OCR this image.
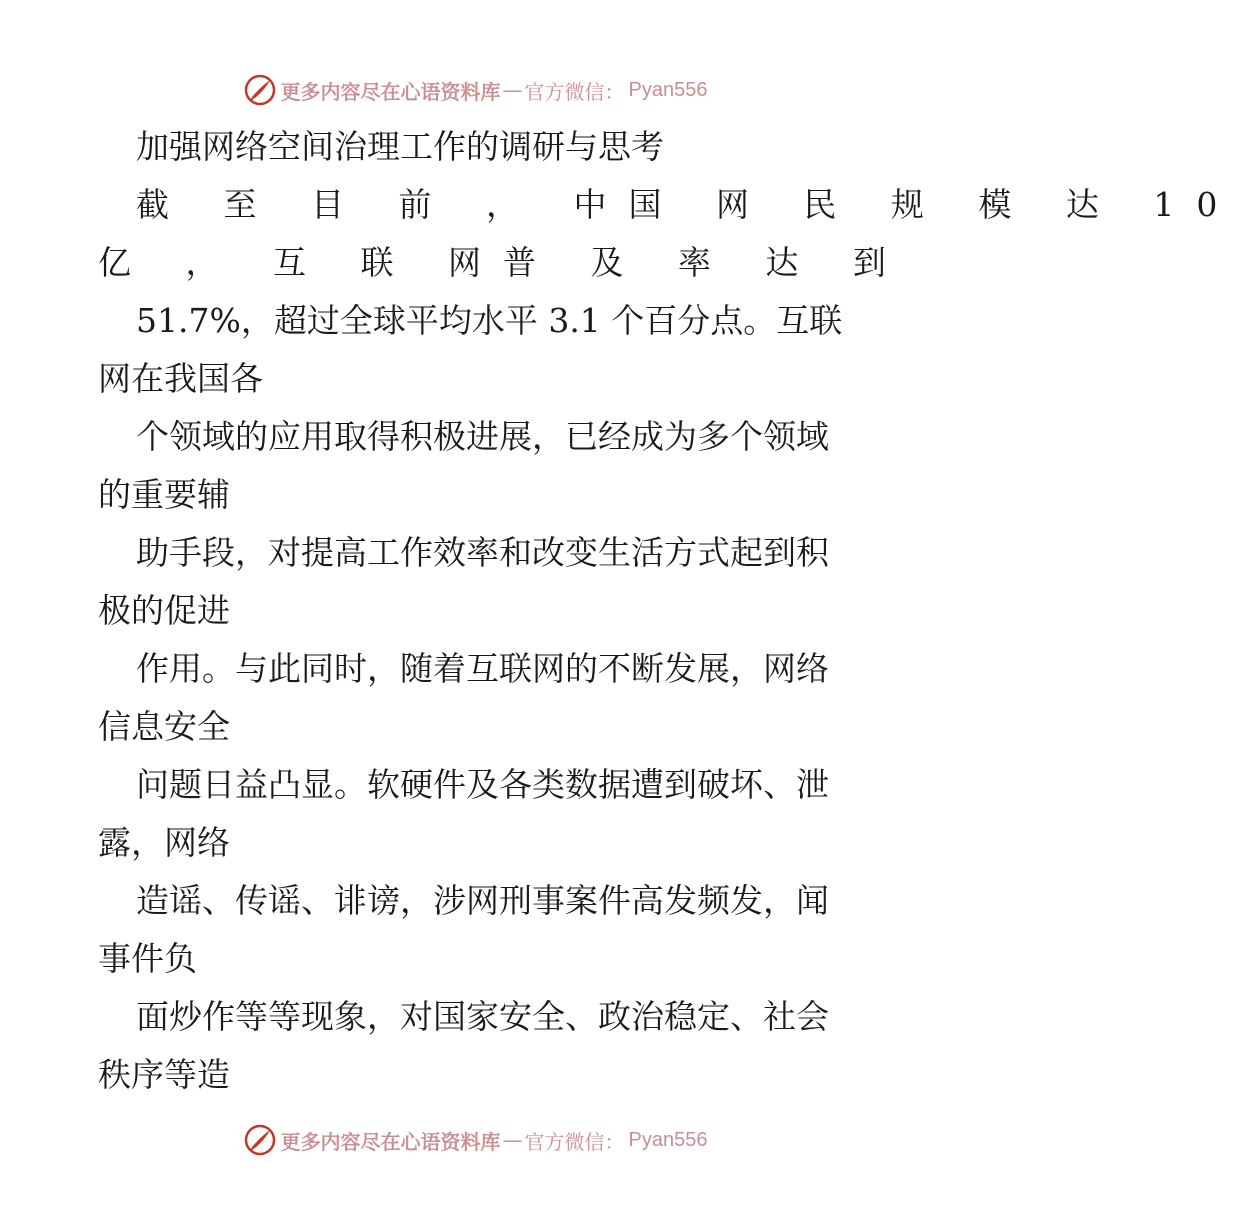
更多内容尽在心语资料库 — 官方微信： Pyan556
加强网络空间治理工作的调研与思考
截 至 目 前 ， 中国 网 民 规 模 达 10
亿 ， 互 联 网普 及 率 达 到
51.7%，超过全球平均水平 3.1 个百分点。互联
网在我国各
个领域的应用取得积极进展，已经成为多个领域
的重要辅
助手段，对提高工作效率和改变生活方式起到积
极的促进
作用。与此同时，随着互联网的不断发展，网络
信息安全
问题日益凸显。软硬件及各类数据遭到破坏、泄
露，网络
造谣、传谣、诽谤，涉网刑事案件高发频发，闻
事件负
面炒作等等现象，对国家安全、政治稳定、社会
秩序等造
更多内容尽在心语资料库 — 官方微信： Pyan556
